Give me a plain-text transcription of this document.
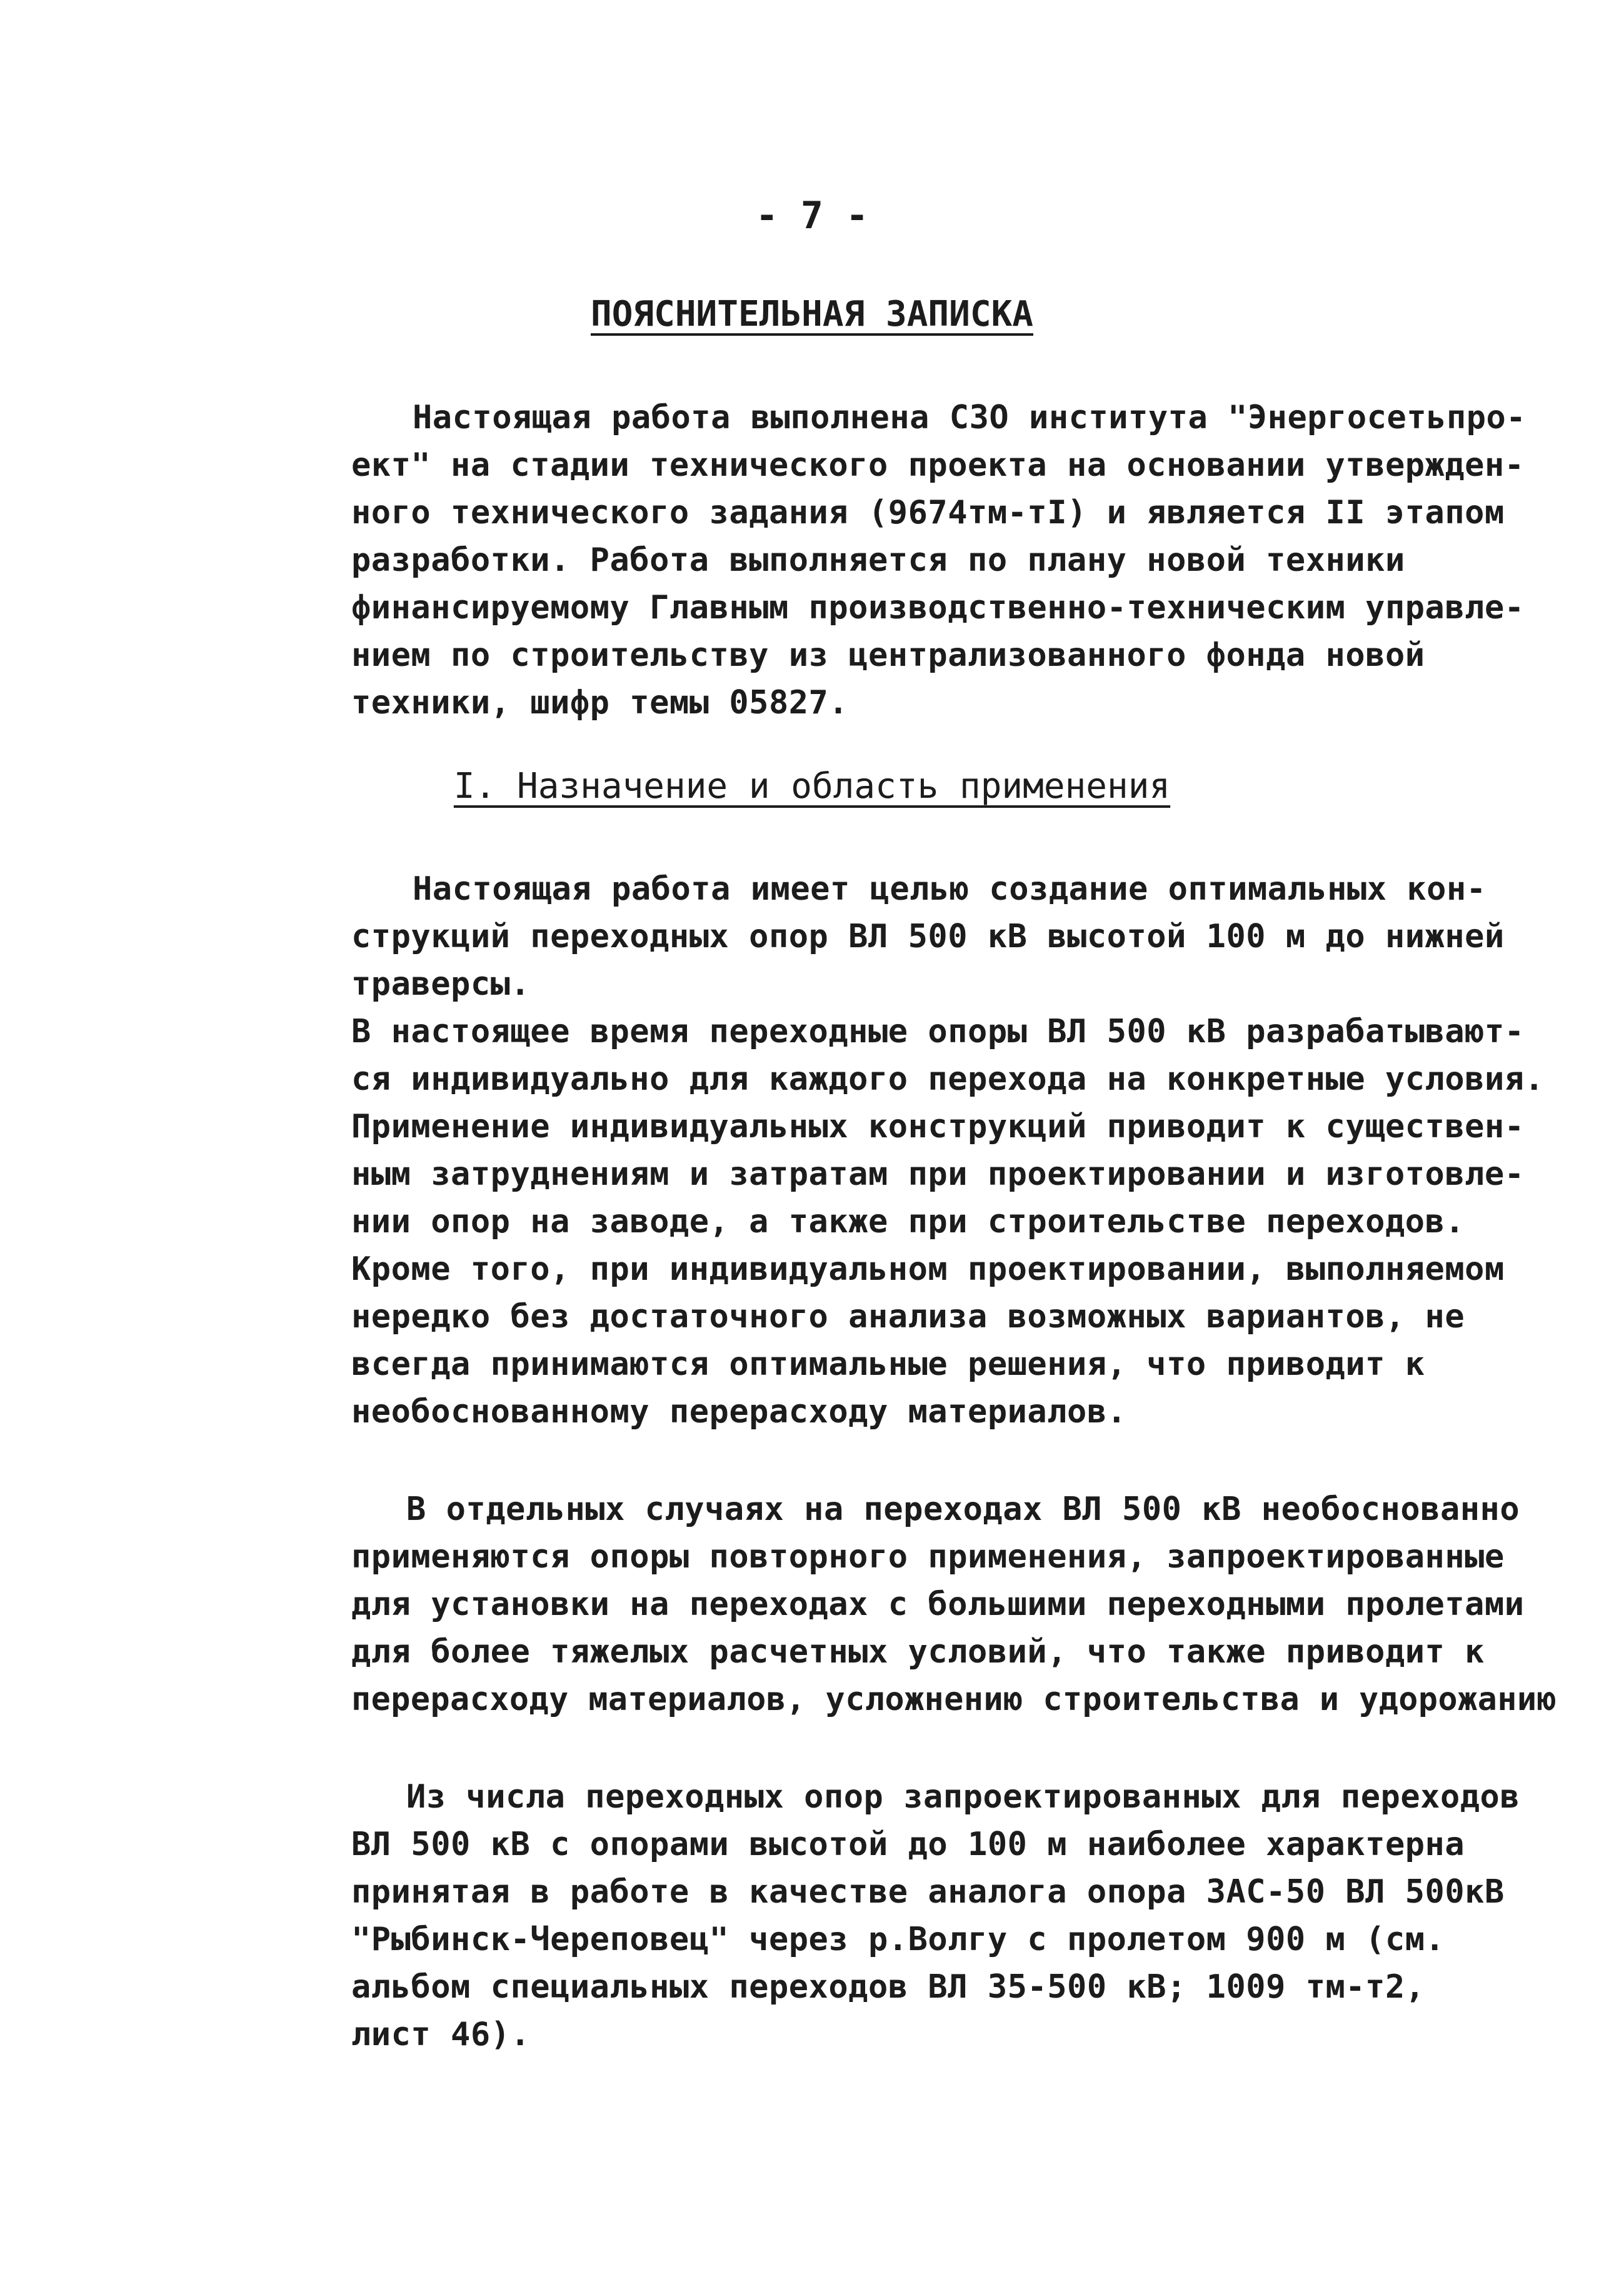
- 7 -
ПОЯСНИТЕЛЬНАЯ ЗАПИСКА
Настоящая работа выполнена СЗО института "Энергосетьпро-
ект" на стадии технического проекта на основании утвержден-
ного технического задания (9674тм-тI) и является II этапом
разработки. Работа выполняется по плану новой техники
финансируемому Главным производственно-техническим управле-
нием по строительству из централизованного фонда новой
техники, шифр темы 05827.
I. Назначение и область применения
Настоящая работа имеет целью создание оптимальных кон-
струкций переходных опор ВЛ 500 кВ высотой 100 м до нижней
траверсы.
В настоящее время переходные опоры ВЛ 500 кВ разрабатывают-
ся индивидуально для каждого перехода на конкретные условия.
Применение индивидуальных конструкций приводит к существен-
ным затруднениям и затратам при проектировании и изготовле-
нии опор на заводе, а также при строительстве переходов.
Кроме того, при индивидуальном проектировании, выполняемом
нередко без достаточного анализа возможных вариантов, не
всегда принимаются оптимальные решения, что приводит к
необоснованному перерасходу материалов.
В отдельных случаях на переходах ВЛ 500 кВ необоснованно
применяются опоры повторного применения, запроектированные
для установки на переходах с большими переходными пролетами
для более тяжелых расчетных условий, что также приводит к
перерасходу материалов, усложнению строительства и удорожанию
Из числа переходных опор запроектированных для переходов
ВЛ 500 кВ с опорами высотой до 100 м наиболее характерна
принятая в работе в качестве аналога опора ЗАС-50 ВЛ 500кВ
"Рыбинск-Череповец" через р.Волгу с пролетом 900 м (см.
альбом специальных переходов ВЛ 35-500 кВ; 1009 тм-т2,
лист 46).
